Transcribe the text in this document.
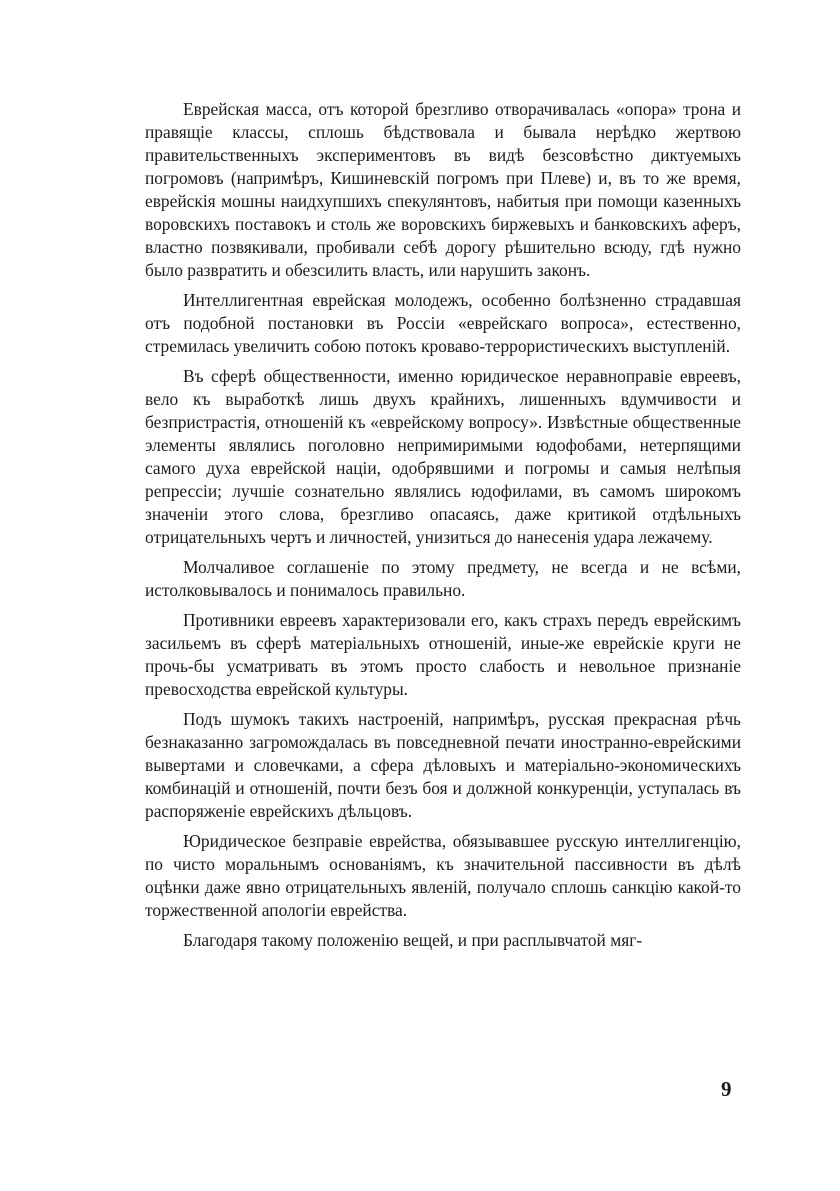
Еврейская масса, отъ которой брезгливо отворачивалась «опора» трона и правящіе классы, сплошь бѣдствовала и бывала нерѣдко жертвою правительственныхъ экспериментовъ въ видѣ безсовѣстно диктуемыхъ погромовъ (напримѣръ, Кишиневскій погромъ при Плеве) и, въ то же время, еврейскія мошны наидхупшихъ спекулянтовъ, набитыя при помощи казенныхъ воровскихъ поставокъ и столь же воровскихъ биржевыхъ и банковскихъ аферъ, властно позвякивали, пробивали себѣ дорогу рѣшительно всюду, гдѣ нужно было развратить и обезсилить власть, или нарушить законъ.

Интеллигентная еврейская молодежъ, особенно болѣзненно страдавшая отъ подобной постановки въ Россіи «еврейскаго вопроса», естественно, стремилась увеличить собою потокъ кроваво-террористическихъ выступленій.

Въ сферѣ общественности, именно юридическое неравноправіе евреевъ, вело къ выработкѣ лишь двухъ крайнихъ, лишенныхъ вдумчивости и безпристрастія, отношеній къ «еврейскому вопросу». Извѣстные общественные элементы являлись поголовно непримиримыми юдофобами, нетерпящими самого духа еврейской націи, одобрявшими и погромы и самыя нелѣпыя репрессіи; лучшіе сознательно являлись юдофилами, въ самомъ широкомъ значеніи этого слова, брезгливо опасаясь, даже критикой отдѣльныхъ отрицательныхъ чертъ и личностей, унизиться до нанесенія удара лежачему.

Молчаливое соглашеніе по этому предмету, не всегда и не всѣми, истолковывалось и понималось правильно.

Противники евреевъ характеризовали его, какъ страхъ передъ еврейскимъ засильемъ въ сферѣ матеріальныхъ отношеній, иные-же еврейскіе круги не прочь-бы усматривать въ этомъ просто слабость и невольное признаніе превосходства еврейской культуры.

Подъ шумокъ такихъ настроеній, напримѣръ, русская прекрасная рѣчь безнаказанно загромождалась въ повседневной печати иностранно-еврейскими вывертами и словечками, а сфера дѣловыхъ и матеріально-экономическихъ комбинацій и отношеній, почти безъ боя и должной конкуренціи, уступалась въ распоряженіе еврейскихъ дѣльцовъ.

Юридическое безправіе еврейства, обязывавшее русскую интеллигенцію, по чисто моральнымъ основаніямъ, къ значительной пассивности въ дѣлѣ оцѣнки даже явно отрицательныхъ явленій, получало сплошь санкцію какой-то торжественной апологіи еврейства.

Благодаря такому положенію вещей, и при расплывчатой мяг-

9
